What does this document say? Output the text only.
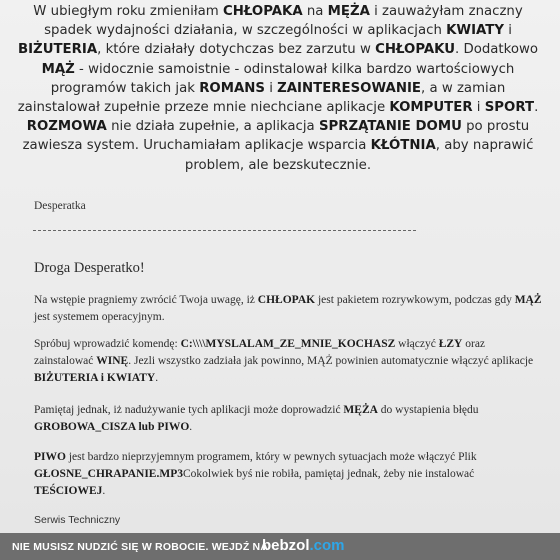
W ubiegłym roku zmieniłam CHŁOPAKA na MĘŻA i zauważyłam znaczny spadek wydajności działania, w szczególności w aplikacjach KWIATY i BIŻUTERIA, które działały dotychczas bez zarzutu w CHŁOPAKU. Dodatkowo MĄŻ - widocznie samoistnie - odinstalował kilka bardzo wartościowych programów takich jak ROMANS i ZAINTERESOWANIE, a w zamian zainstalował zupełnie przeze mnie niechciane aplikacje KOMPUTER i SPORT. ROZMOWA nie działa zupełnie, a aplikacja SPRZĄTANIE DOMU po prostu zawiesza system. Uruchamiałam aplikacje wsparcia KŁÓTNIA, aby naprawić problem, ale bezskutecznie.

Desperatka
Droga Desperatko!

Na wstępie pragniemy zwrócić Twoja uwagę, iż CHŁOPAK jest pakietem rozrywkowym, podczas gdy MĄŻ jest systemem operacyjnym.

Spróbuj wprowadzić komendę: C:\\\\MYSLALAM_ZE_MNIE_KOCHASZ włączyć ŁZY oraz zainstalować WINĘ. Jezli wszystko zadziała jak powinno, MĄŻ powinien automatycznie włączyć aplikacje BIŻUTERIA i KWIATY.

Pamiętaj jednak, iż nadużywanie tych aplikacji może doprowadzić MĘŻA do wystapienia błędu GROBOWA_CISZA lub PIWO.

PIWO jest bardzo nieprzyjemnym programem, który w pewnych sytuacjach może włączyć Plik GŁOSNE_CHRAPANIE.MP3Cokolwiek byś nie robiła, pamiętaj jednak, żeby nie instalować TEŚCIOWEJ.

Serwis Techniczny
NIE MUSISZ NUDZIĆ SIĘ W ROBOCIE. WEJDŹ NA
bebzol.com
